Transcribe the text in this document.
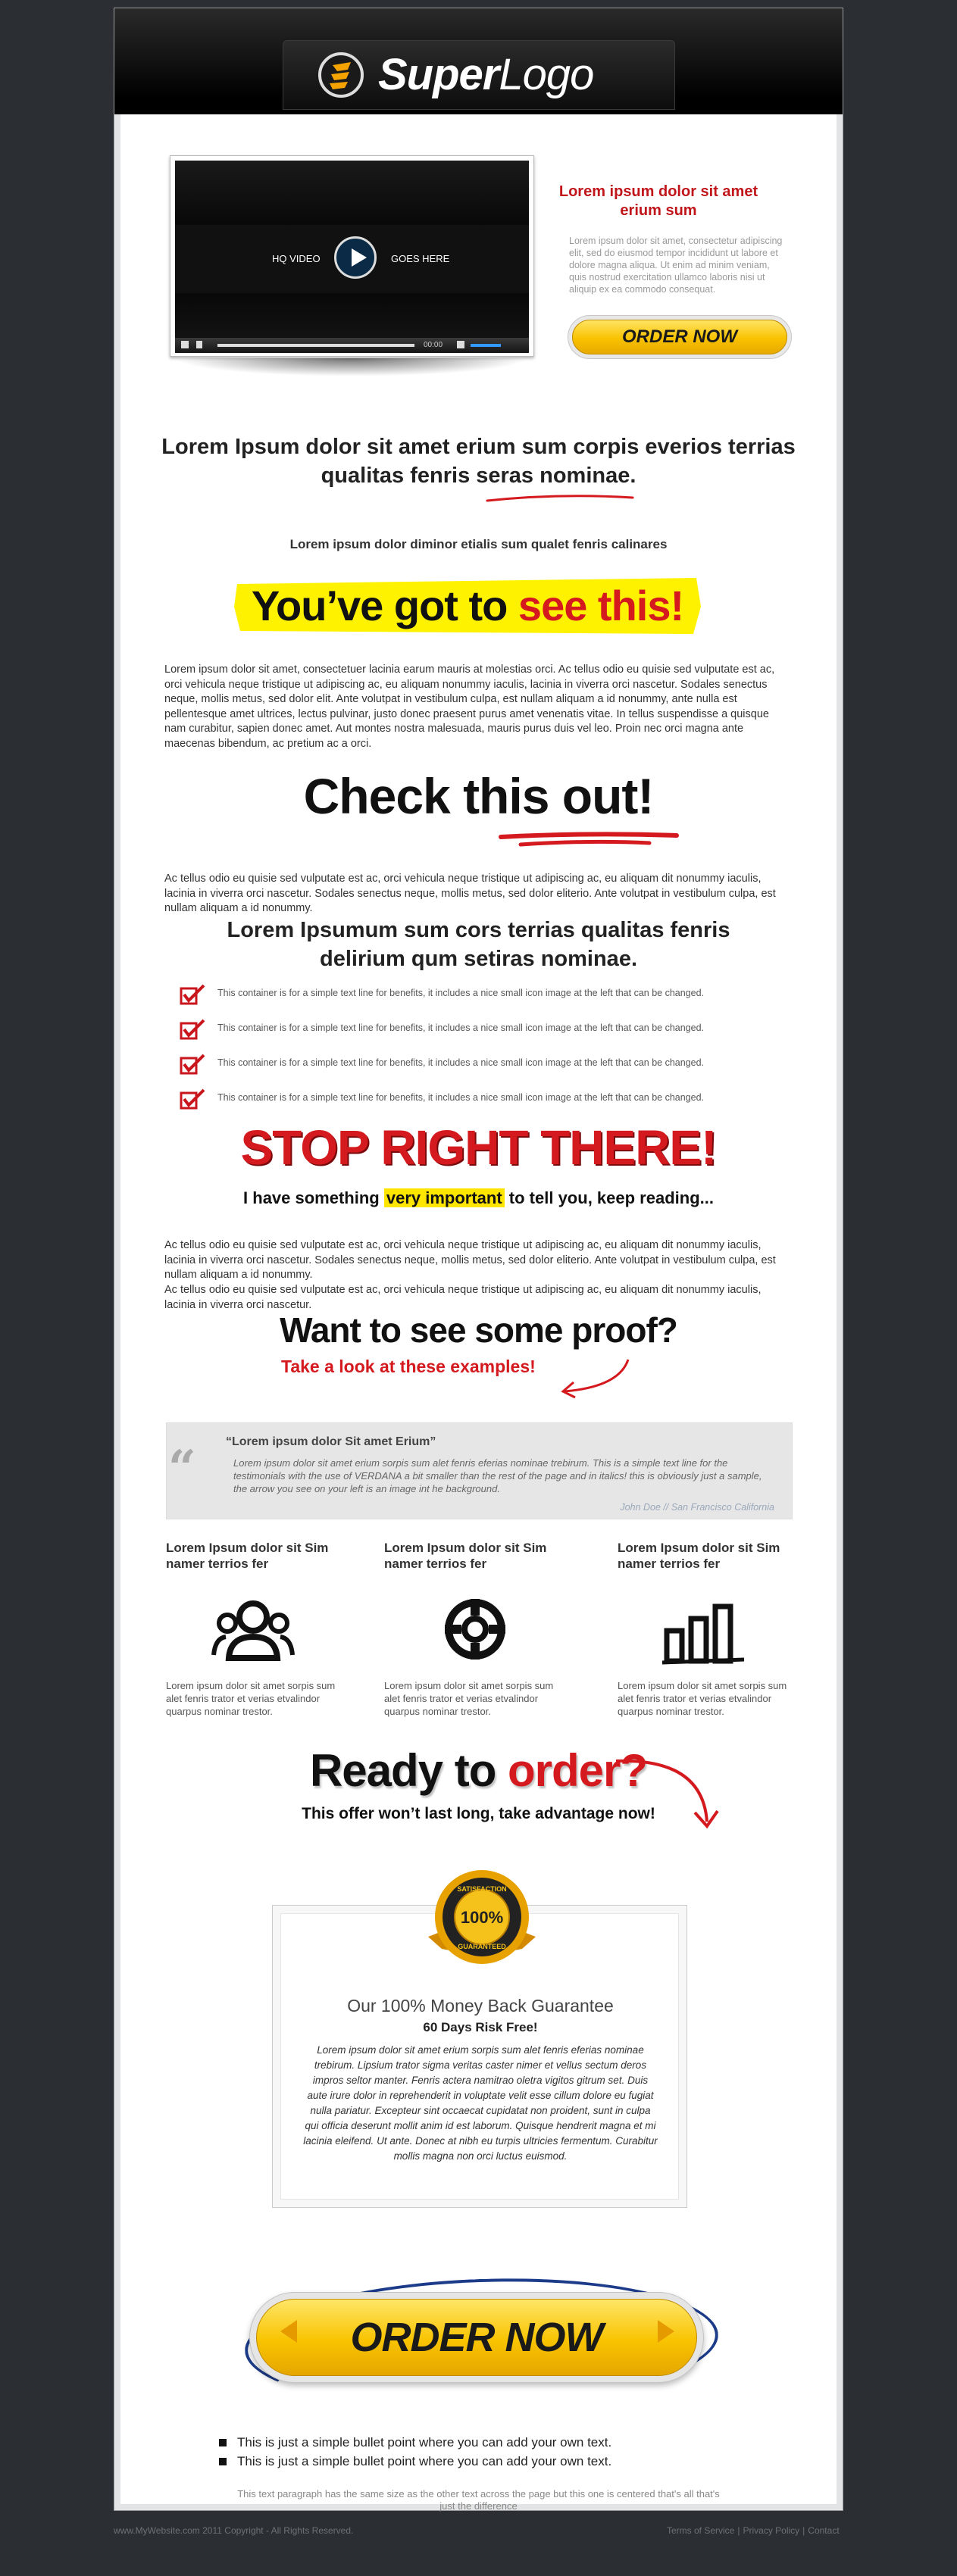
SuperLogo
HQ VIDEO	GOES HERE
00:00
Lorem ipsum dolor sit amet erium sum
Lorem ipsum dolor sit amet, consectetur adipiscing elit, sed do eiusmod tempor incididunt ut labore et dolore magna aliqua. Ut enim ad minim veniam, quis nostrud exercitation ullamco laboris nisi ut aliquip ex ea commodo consequat.
ORDER NOW
Lorem Ipsum dolor sit amet erium sum corpis everios terrias qualitas fenris seras nominae.
Lorem ipsum dolor diminor etialis sum qualet fenris calinares
You’ve got to see this!
Lorem ipsum dolor sit amet, consectetuer lacinia earum mauris at molestias orci. Ac tellus odio eu quisie sed vulputate est ac, orci vehicula neque tristique ut adipiscing ac, eu aliquam nonummy iaculis, lacinia in viverra orci nascetur. Sodales senectus neque, mollis metus, sed dolor elit. Ante volutpat in vestibulum culpa, est nullam aliquam a id nonummy, ante nulla est pellentesque amet ultrices, lectus pulvinar, justo donec praesent purus amet venenatis vitae. In tellus suspendisse a quisque nam curabitur, sapien donec amet. Aut montes nostra malesuada, mauris purus duis vel leo. Proin nec orci magna ante maecenas bibendum, ac pretium ac a orci.
Check this out!
Ac tellus odio eu quisie sed vulputate est ac, orci vehicula neque tristique ut adipiscing ac, eu aliquam dit nonummy iaculis, lacinia in viverra orci nascetur. Sodales senectus neque, mollis metus, sed dolor eliterio. Ante volutpat in vestibulum culpa, est nullam aliquam a id nonummy.
Lorem Ipsumum sum cors terrias qualitas fenris delirium qum setiras nominae.
This container is for a simple text line for benefits, it includes a nice small icon image at the left that can be changed.
This container is for a simple text line for benefits, it includes a nice small icon image at the left that can be changed.
This container is for a simple text line for benefits, it includes a nice small icon image at the left that can be changed.
This container is for a simple text line for benefits, it includes a nice small icon image at the left that can be changed.
STOP RIGHT THERE!
I have something very important to tell you, keep reading...
Ac tellus odio eu quisie sed vulputate est ac, orci vehicula neque tristique ut adipiscing ac, eu aliquam dit nonummy iaculis, lacinia in viverra orci nascetur. Sodales senectus neque, mollis metus, sed dolor eliterio. Ante volutpat in vestibulum culpa, est nullam aliquam a id nonummy.
Ac tellus odio eu quisie sed vulputate est ac, orci vehicula neque tristique ut adipiscing ac, eu aliquam dit nonummy iaculis, lacinia in viverra orci nascetur.
Want to see some proof?
Take a look at these examples!
“ “Lorem ipsum dolor Sit amet Erium”
Lorem ipsum dolor sit amet erium sorpis sum alet fenris eferias nominae trebirum. This is a simple text line for the testimonials with the use of VERDANA a bit smaller than the rest of the page and in italics! this is obviously just a sample, the arrow you see on your left is an image int he background.
John Doe // San Francisco California
Lorem Ipsum dolor sit Sim namer terrios fer
Lorem ipsum dolor sit amet sorpis sum alet fenris trator et verias etvalindor quarpus nominar trestor.
Lorem Ipsum dolor sit Sim namer terrios fer
Lorem ipsum dolor sit amet sorpis sum alet fenris trator et verias etvalindor quarpus nominar trestor.
Lorem Ipsum dolor sit Sim namer terrios fer
Lorem ipsum dolor sit amet sorpis sum alet fenris trator et verias etvalindor quarpus nominar trestor.
Ready to order?
This offer won’t last long, take advantage now!
Our 100% Money Back Guarantee
60 Days Risk Free!
Lorem ipsum dolor sit amet erium sorpis sum alet fenris eferias nominae trebirum. Lipsium trator sigma veritas caster nimer et vellus sectum deros impros seltor manter. Fenris actera namitrao oletra vigitos gitrum set. Duis aute irure dolor in reprehenderit in voluptate velit esse cillum dolore eu fugiat nulla pariatur. Excepteur sint occaecat cupidatat non proident, sunt in culpa qui officia deserunt mollit anim id est laborum. Quisque hendrerit magna et mi lacinia eleifend. Ut ante. Donec at nibh eu turpis ultricies fermentum. Curabitur mollis magna non orci luctus euismod.
SATISFACTION
100%
GUARANTEED
ORDER NOW
This is just a simple bullet point where you can add your own text.
This is just a simple bullet point where you can add your own text.
This text paragraph has the same size as the other text across the page but this one is centered that's all that's just the difference
www.MyWebsite.com 2011 Copyright - All Rights Reserved.	Terms of Service | Privacy Policy | Contact
